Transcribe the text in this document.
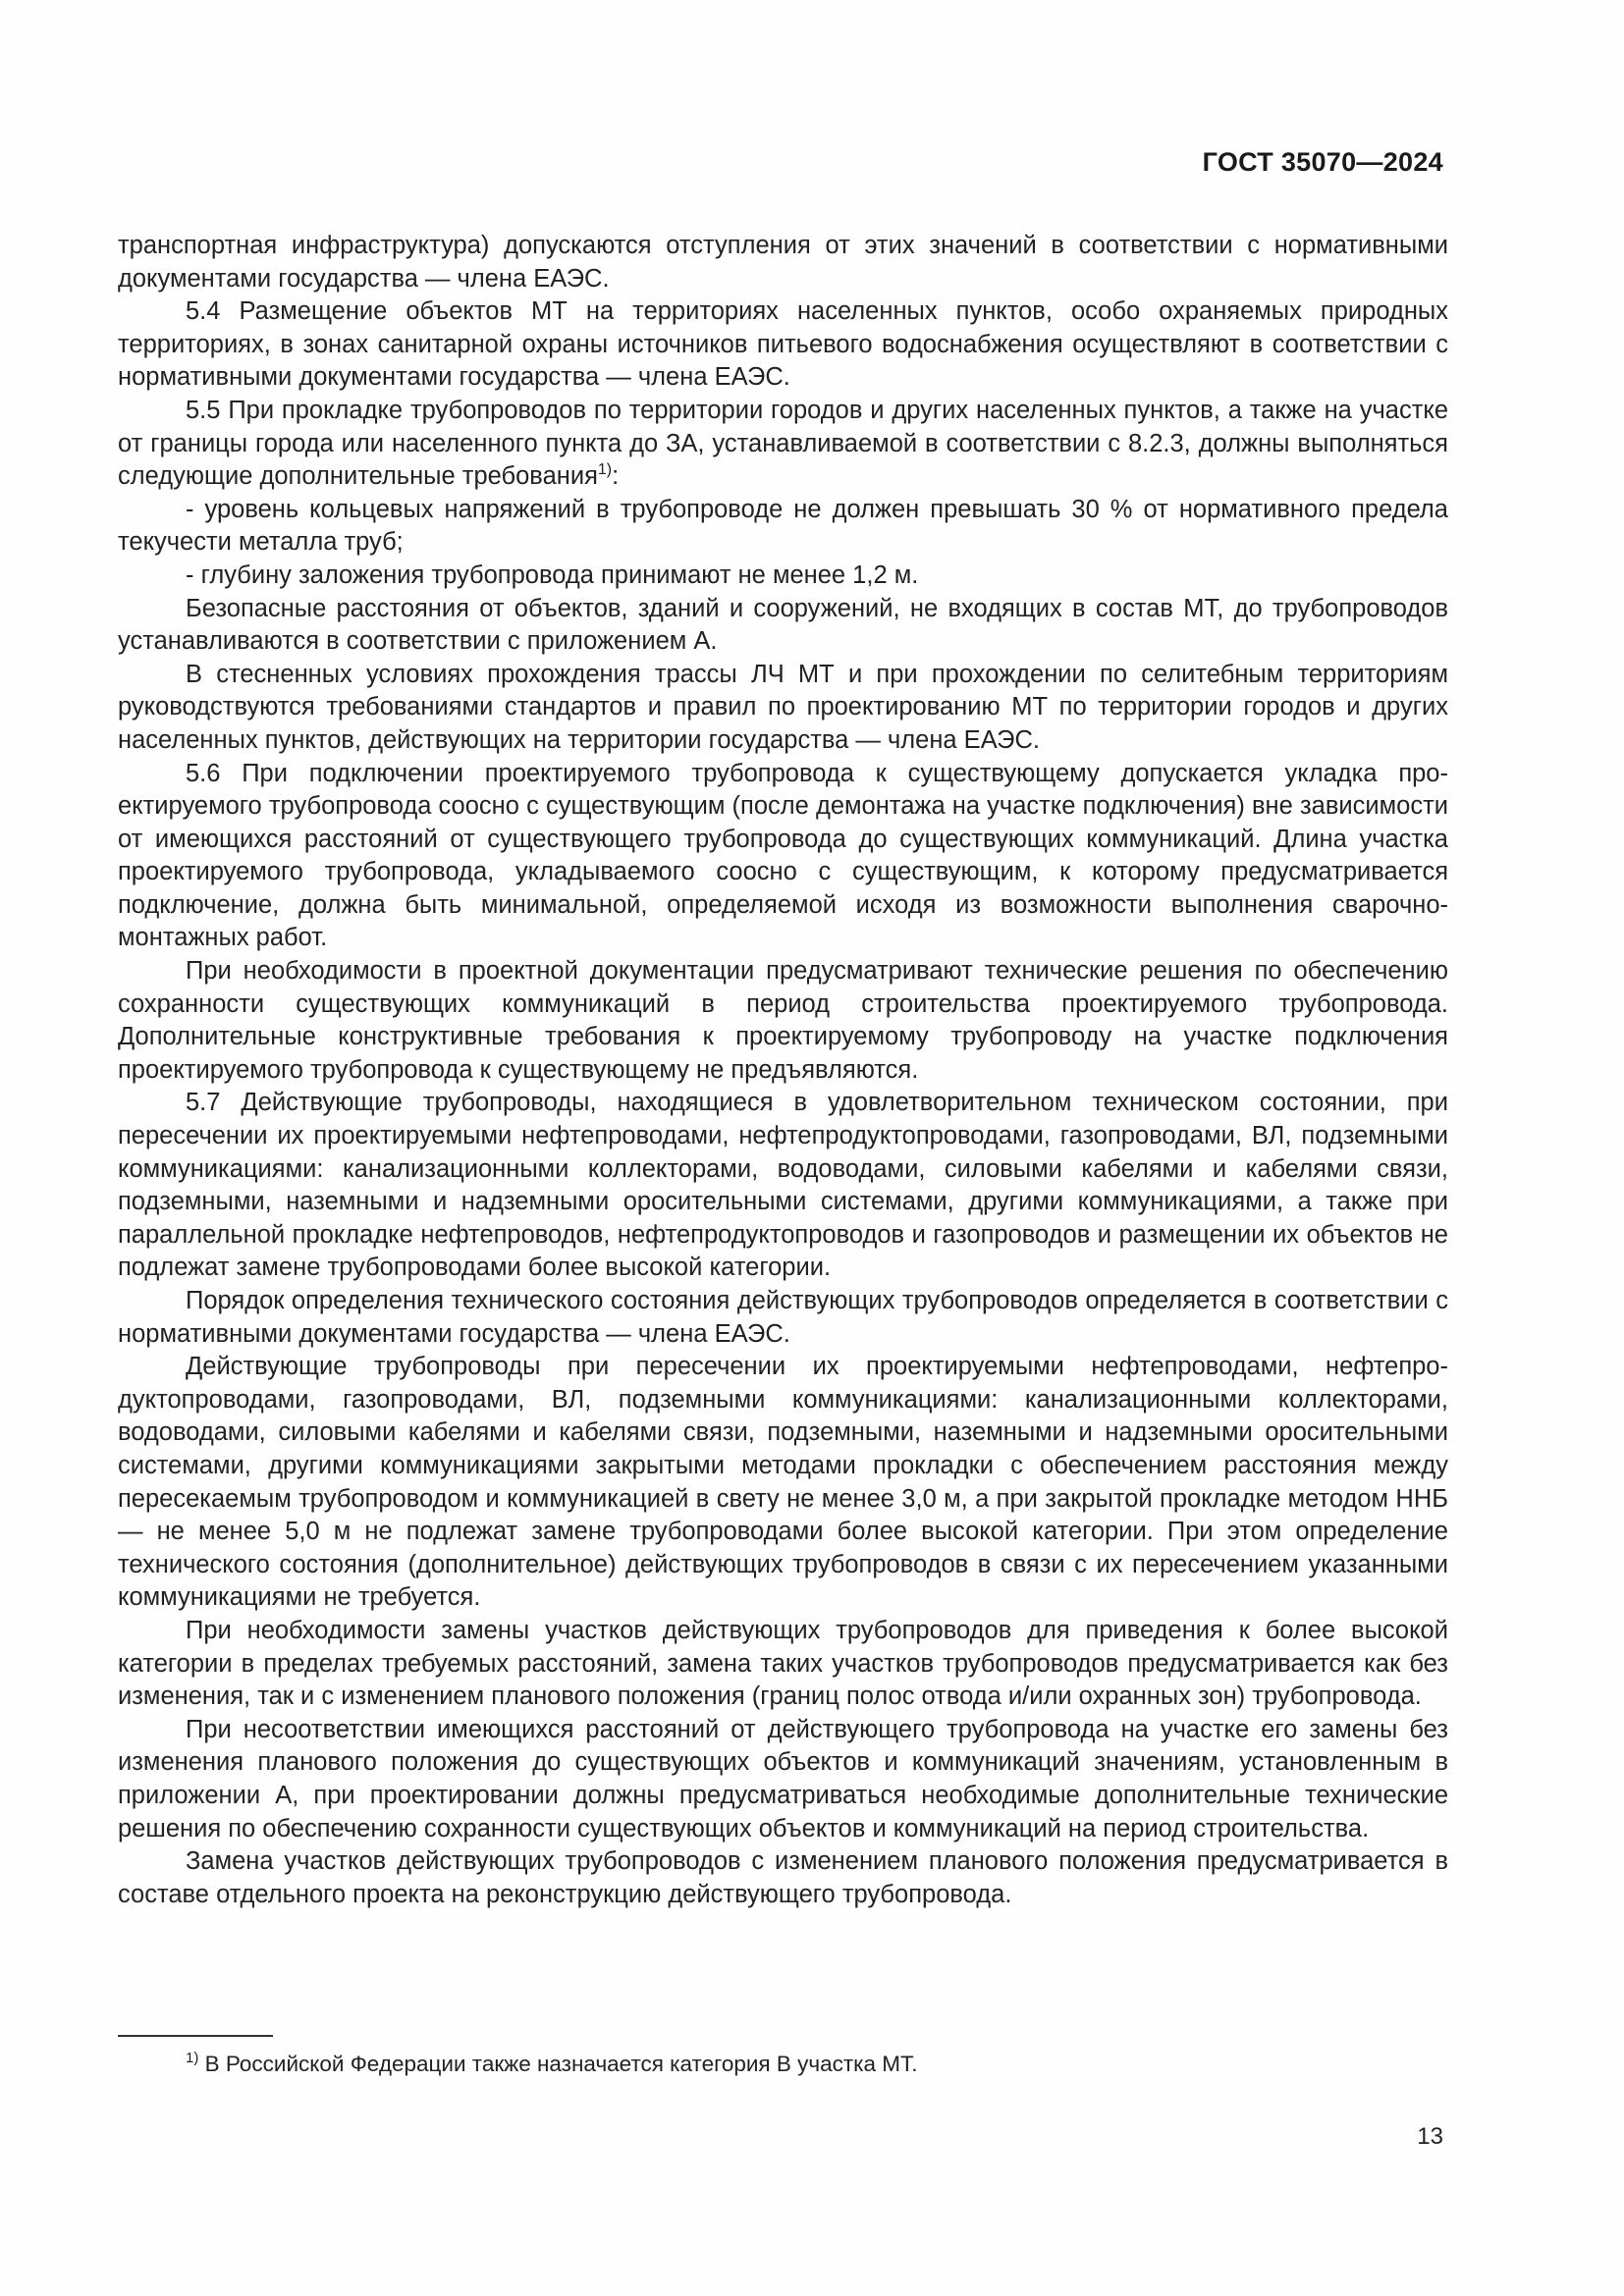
ГОСТ 35070—2024

транспортная инфраструктура) допускаются отступления от этих значений в соответствии с нормативными документами государства — члена ЕАЭС.

5.4 Размещение объектов МТ на территориях населенных пунктов, особо охраняемых природных территориях, в зонах санитарной охраны источников питьевого водоснабжения осуществляют в соответствии с нормативными документами государства — члена ЕАЭС.

5.5 При прокладке трубопроводов по территории городов и других населенных пунктов, а также на участке от границы города или населенного пункта до ЗА, устанавливаемой в соответствии с 8.2.3, должны выполняться следующие дополнительные требования$^{1)}$:

- уровень кольцевых напряжений в трубопроводе не должен превышать 30 % от нормативного предела текучести металла труб;

- глубину заложения трубопровода принимают не менее 1,2 м.

Безопасные расстояния от объектов, зданий и сооружений, не входящих в состав МТ, до трубопроводов устанавливаются в соответствии с приложением А.

В стесненных условиях прохождения трассы ЛЧ МТ и при прохождении по селитебным территориям руководствуются требованиями стандартов и правил по проектированию МТ по территории городов и других населенных пунктов, действующих на территории государства — члена ЕАЭС.

5.6 При подключении проектируемого трубопровода к существующему допускается укладка проектируемого трубопровода соосно с существующим (после демонтажа на участке подключения) вне зависимости от имеющихся расстояний от существующего трубопровода до существующих коммуникаций. Длина участка проектируемого трубопровода, укладываемого соосно с существующим, к которому предусматривается подключение, должна быть минимальной, определяемой исходя из возможности выполнения сварочно-монтажных работ.

При необходимости в проектной документации предусматривают технические решения по обеспечению сохранности существующих коммуникаций в период строительства проектируемого трубопровода. Дополнительные конструктивные требования к проектируемому трубопроводу на участке подключения проектируемого трубопровода к существующему не предъявляются.

5.7 Действующие трубопроводы, находящиеся в удовлетворительном техническом состоянии, при пересечении их проектируемыми нефтепроводами, нефтепродуктопроводами, газопроводами, ВЛ, подземными коммуникациями: канализационными коллекторами, водоводами, силовыми кабелями и кабелями связи, подземными, наземными и надземными оросительными системами, другими коммуникациями, а также при параллельной прокладке нефтепроводов, нефтепродуктопроводов и газопроводов и размещении их объектов не подлежат замене трубопроводами более высокой категории.

Порядок определения технического состояния действующих трубопроводов определяется в соответствии с нормативными документами государства — члена ЕАЭС.

Действующие трубопроводы при пересечении их проектируемыми нефтепроводами, нефтепродуктопроводами, газопроводами, ВЛ, подземными коммуникациями: канализационными коллекторами, водоводами, силовыми кабелями и кабелями связи, подземными, наземными и надземными оросительными системами, другими коммуникациями закрытыми методами прокладки с обеспечением расстояния между пересекаемым трубопроводом и коммуникацией в свету не менее 3,0 м, а при закрытой прокладке методом ННБ — не менее 5,0 м не подлежат замене трубопроводами более высокой категории. При этом определение технического состояния (дополнительное) действующих трубопроводов в связи с их пересечением указанными коммуникациями не требуется.

При необходимости замены участков действующих трубопроводов для приведения к более высокой категории в пределах требуемых расстояний, замена таких участков трубопроводов предусматривается как без изменения, так и с изменением планового положения (границ полос отвода и/или охранных зон) трубопровода.

При несоответствии имеющихся расстояний от действующего трубопровода на участке его замены без изменения планового положения до существующих объектов и коммуникаций значениям, установленным в приложении А, при проектировании должны предусматриваться необходимые дополнительные технические решения по обеспечению сохранности существующих объектов и коммуникаций на период строительства.

Замена участков действующих трубопроводов с изменением планового положения предусматривается в составе отдельного проекта на реконструкцию действующего трубопровода.

$^{1)}$ В Российской Федерации также назначается категория В участка МТ.
13
